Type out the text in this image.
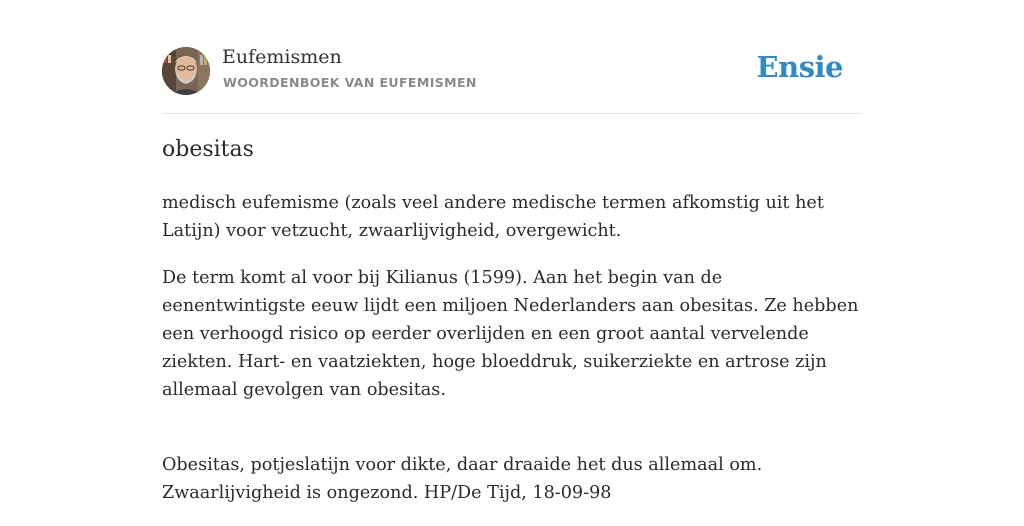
Eufemismen
WOORDENBOEK VAN EUFEMISMEN	Ensie
obesitas

medisch eufemisme (zoals veel andere medische termen afkomstig uit het Latijn) voor vetzucht, zwaarlijvigheid, overgewicht.

De term komt al voor bij Kilianus (1599). Aan het begin van de eenentwintigste eeuw lijdt een miljoen Nederlanders aan obesitas. Ze hebben een verhoogd risico op eerder overlijden en een groot aantal vervelende ziekten. Hart- en vaatziekten, hoge bloeddruk, suikerziekte en artrose zijn allemaal gevolgen van obesitas.

Obesitas, potjeslatijn voor dikte, daar draaide het dus allemaal om. Zwaarlijvigheid is ongezond. HP/De Tijd, 18-09-98
